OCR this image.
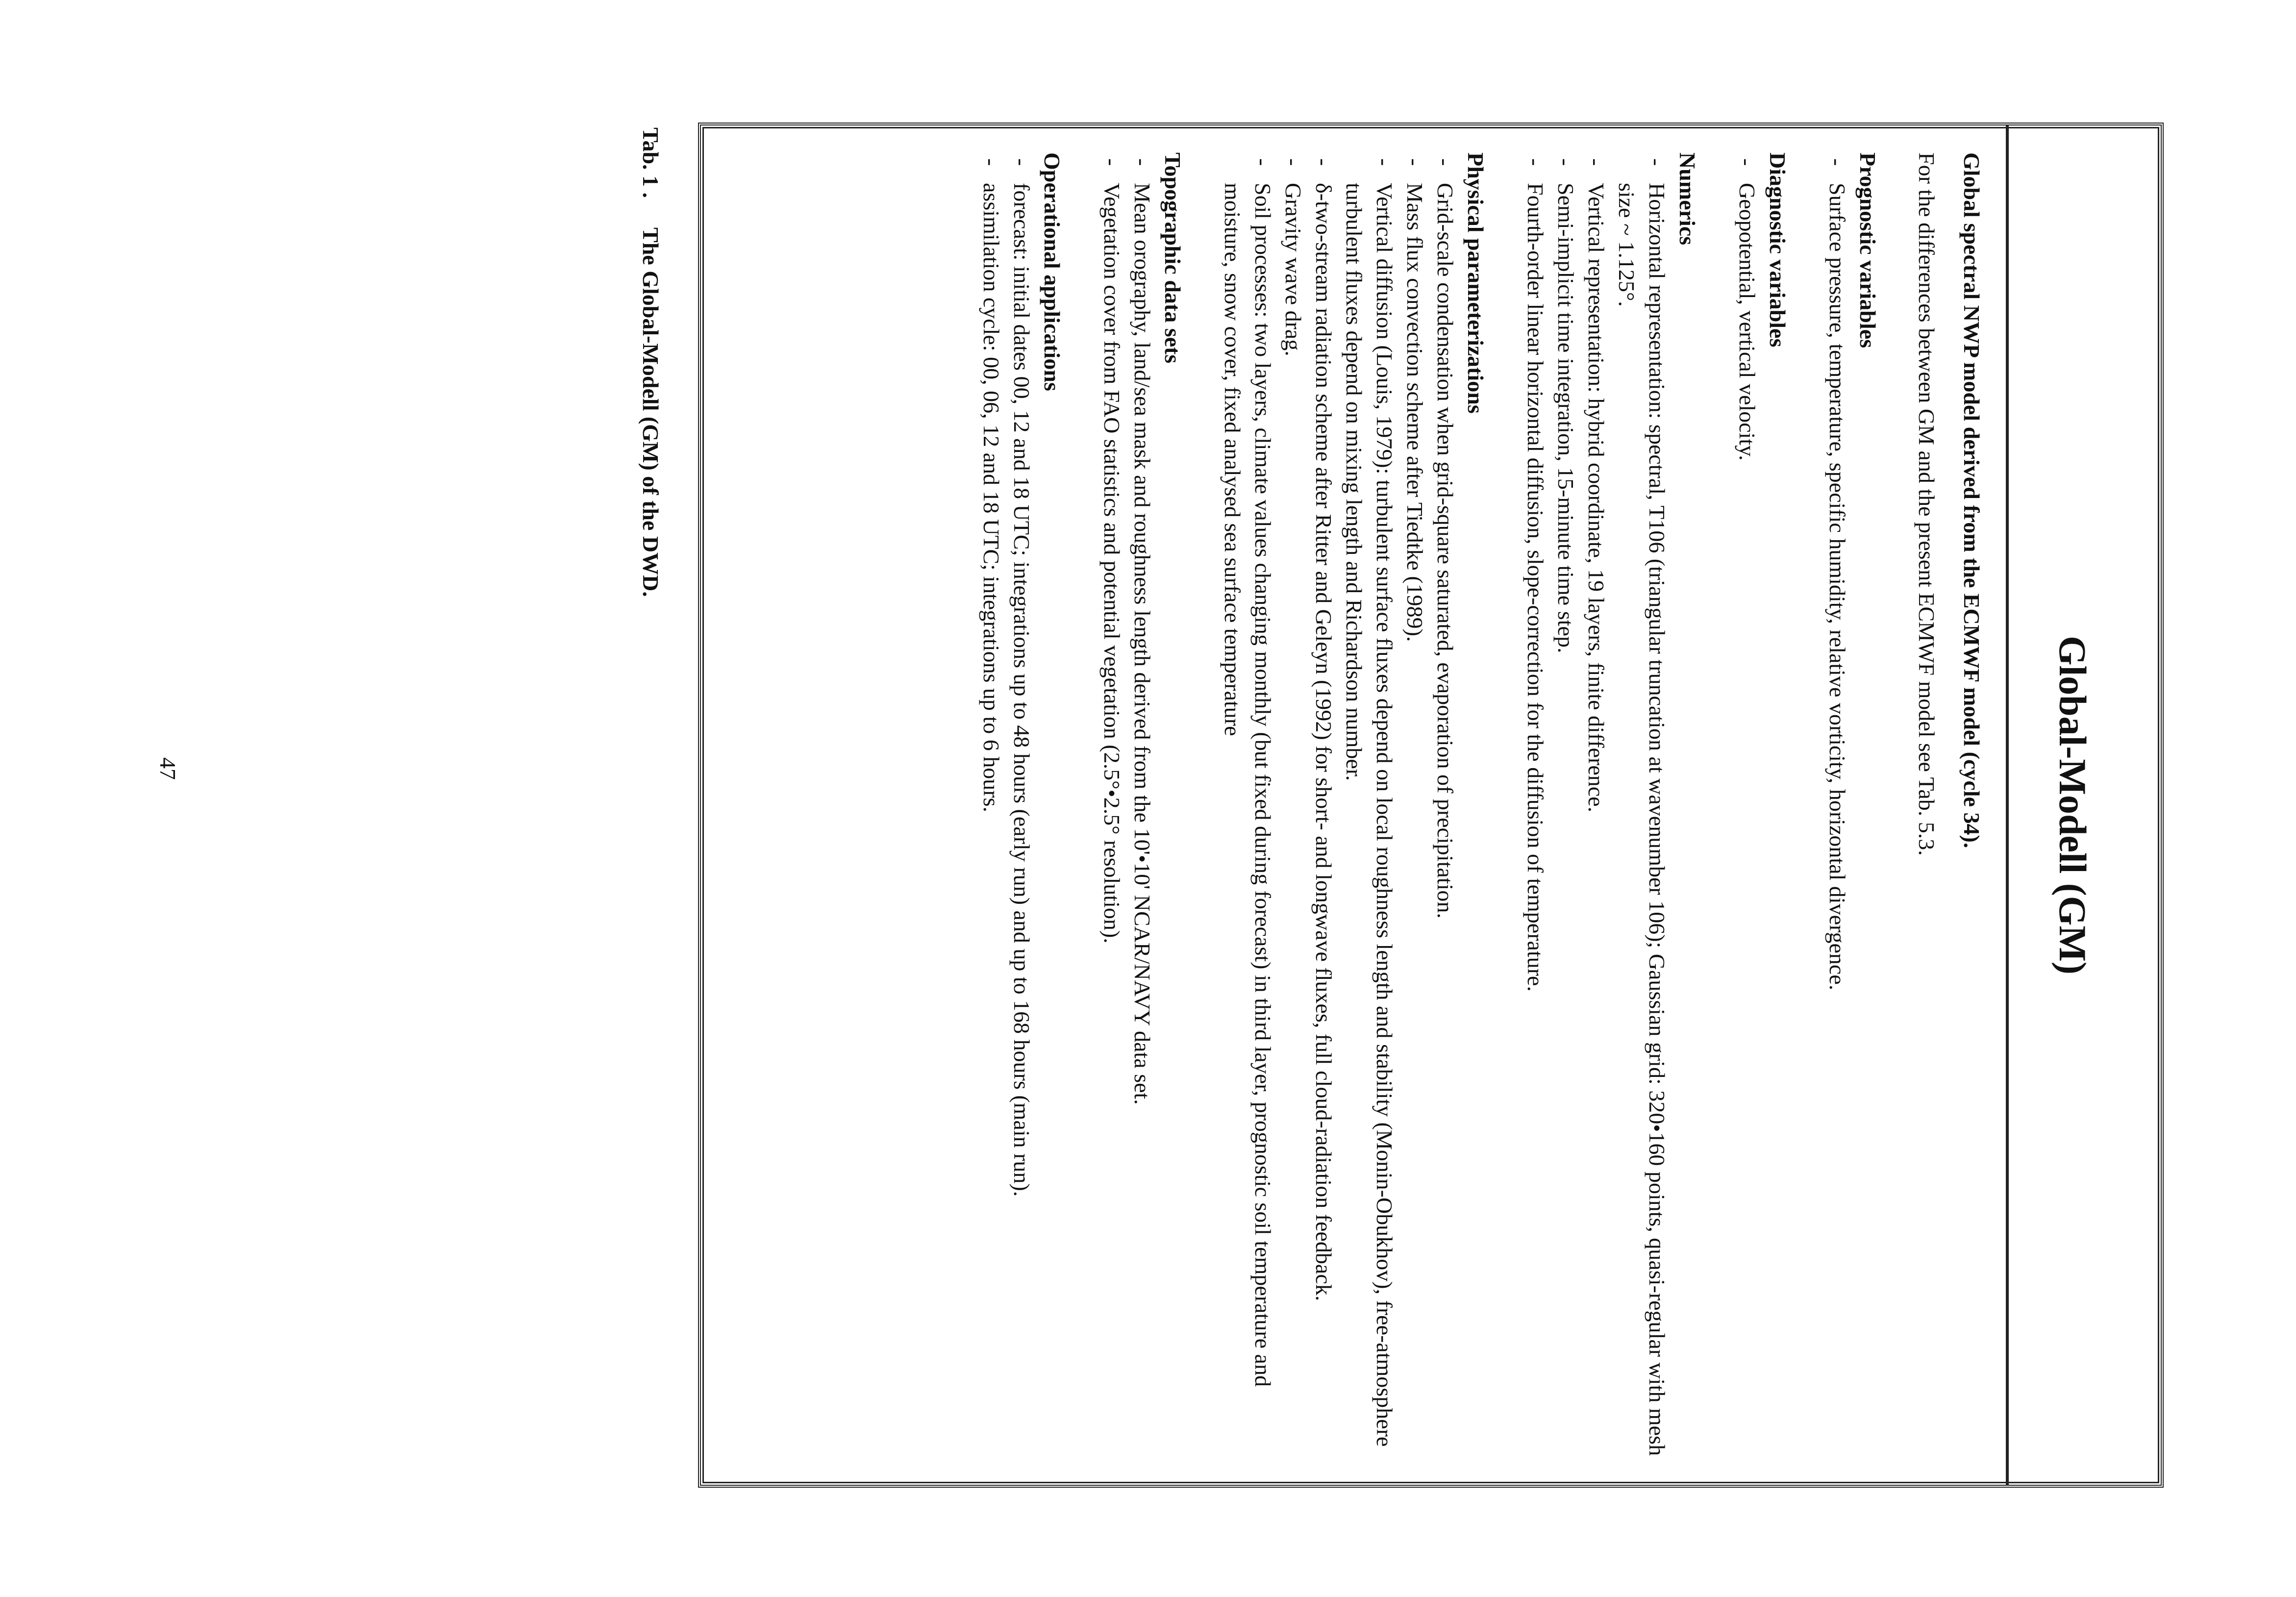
Global-Modell (GM)

Global spectral NWP model derived from the ECMWF model (cycle 34).

For the differences between GM and the present ECMWF model see Tab. 5.3.

Prognostic variables

-
Surface pressure, temperature, specific humidity, relative vorticity, horizontal divergence.

Diagnostic variables

-
Geopotential, vertical velocity.

Numerics

-
Horizontal representation: spectral, T106 (triangular truncation at wavenumber 106); Gaussian grid: 320•160 points, quasi-regular with mesh size ~ 1.125°.
-
Vertical representation: hybrid coordinate, 19 layers, finite difference.
-
Semi-implicit time integration, 15-minute time step.
-
Fourth-order linear horizontal diffusion, slope-correction for the diffusion of temperature.

Physical parameterizations

-
Grid-scale condensation when grid-square saturated, evaporation of precipitation.
-
Mass flux convection scheme after Tiedtke (1989).
-
Vertical diffusion (Louis, 1979): turbulent surface fluxes depend on local roughness length and stability (Monin-Obukhov), free-atmosphere turbulent fluxes depend on mixing length and Richardson number.
-
δ-two-stream radiation scheme after Ritter and Geleyn (1992) for short- and longwave fluxes, full cloud-radiation feedback.
-
Gravity wave drag.
-
Soil processes: two layers, climate values changing monthly (but fixed during forecast) in third layer, prognostic soil temperature and moisture, snow cover, fixed analysed sea surface temperature

Topographic data sets

-
Mean orography, land/sea mask and roughness length derived from the 10'•10' NCAR/NAVY data set.
-
Vegetation cover from FAO statistics and potential vegetation (2.5°•2.5° resolution).

Operational applications

-
forecast: initial dates 00, 12 and 18 UTC; integrations up to 48 hours (early run) and up to 168 hours (main run).
-
assimilation cycle: 00, 06, 12 and 18 UTC; integrations up to 6 hours.
Tab. 1 .The Global-Modell (GM) of the DWD.
47
